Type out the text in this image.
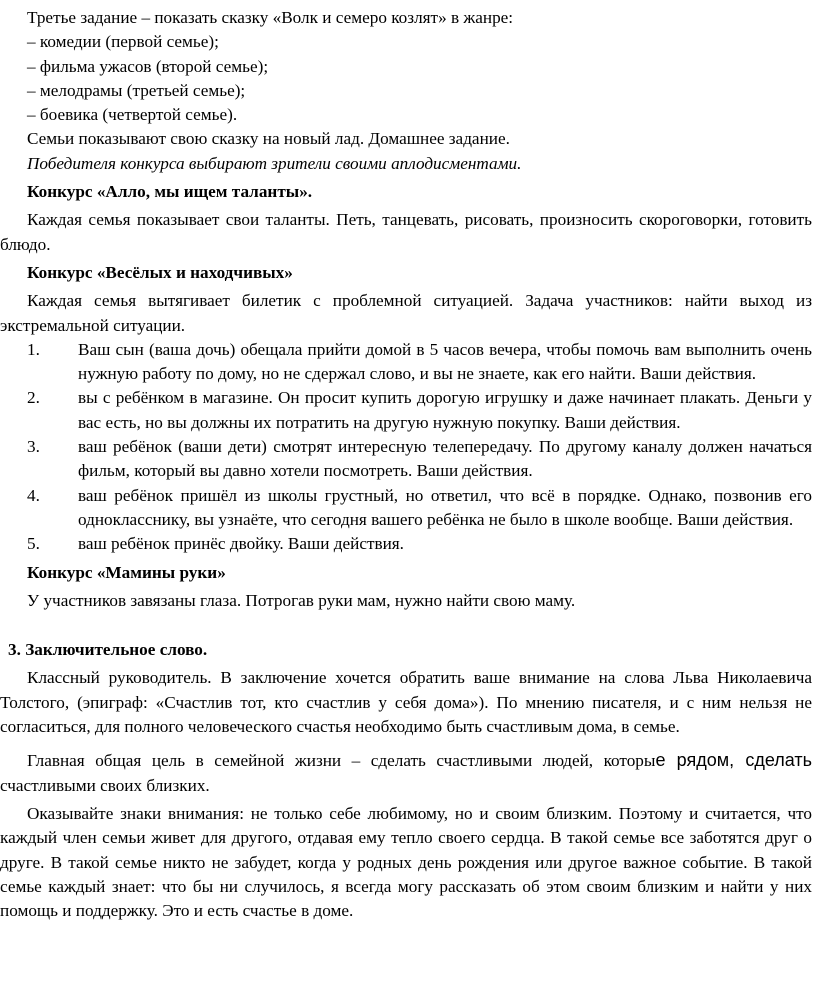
Третье задание – показать сказку «Волк и семеро козлят» в жанре:

– комедии (первой семье);

– фильма ужасов (второй семье);

– мелодрамы (третьей семье);

– боевика (четвертой семье).

Семьи показывают свою сказку на новый лад. Домашнее задание.

Победителя конкурса выбирают зрители своими аплодисментами.

Конкурс «Алло, мы ищем таланты».

Каждая семья показывает свои таланты. Петь, танцевать, рисовать, произносить скороговорки, готовить блюдо.

Конкурс «Весёлых и находчивых»

Каждая семья вытягивает билетик с проблемной ситуацией. Задача участников: найти выход из экстремальной ситуации.

1. Ваш сын (ваша дочь) обещала прийти домой в 5 часов вечера, чтобы помочь вам выполнить очень нужную работу по дому, но не сдержал слово, и вы не знаете, как его найти. Ваши действия.
2. вы с ребёнком в магазине. Он просит купить дорогую игрушку и даже начинает плакать. Деньги у вас есть, но вы должны их потратить на другую нужную покупку. Ваши действия.
3. ваш ребёнок (ваши дети) смотрят интересную телепередачу. По другому каналу должен начаться фильм, который вы давно хотели посмотреть. Ваши действия.
4. ваш ребёнок пришёл из школы грустный, но ответил, что всё в порядке. Однако, позвонив его однокласснику, вы узнаёте, что сегодня вашего ребёнка не было в школе вообще. Ваши действия.
5. ваш ребёнок принёс двойку. Ваши действия.

Конкурс «Мамины руки»

У участников завязаны глаза. Потрогав руки мам, нужно найти свою маму.

3. Заключительное слово.

Классный руководитель. В заключение хочется обратить ваше внимание на слова Льва Николаевича Толстого, (эпиграф: «Счастлив тот, кто счастлив у себя дома»). По мнению писателя, и с ним нельзя не согласиться, для полного человеческого счастья необходимо быть счастливым дома, в семье.

Главная общая цель в семейной жизни – сделать счастливыми людей, которые рядом, сделать счастливыми своих близких.

Оказывайте знаки внимания: не только себе любимому, но и своим близким. Поэтому и считается, что каждый член семьи живет для другого, отдавая ему тепло своего сердца. В такой семье все заботятся друг о друге. В такой семье никто не забудет, когда у родных день рождения или другое важное событие. В такой семье каждый знает: что бы ни случилось, я всегда могу рассказать об этом своим близким и найти у них помощь и поддержку. Это и есть счастье в доме.
